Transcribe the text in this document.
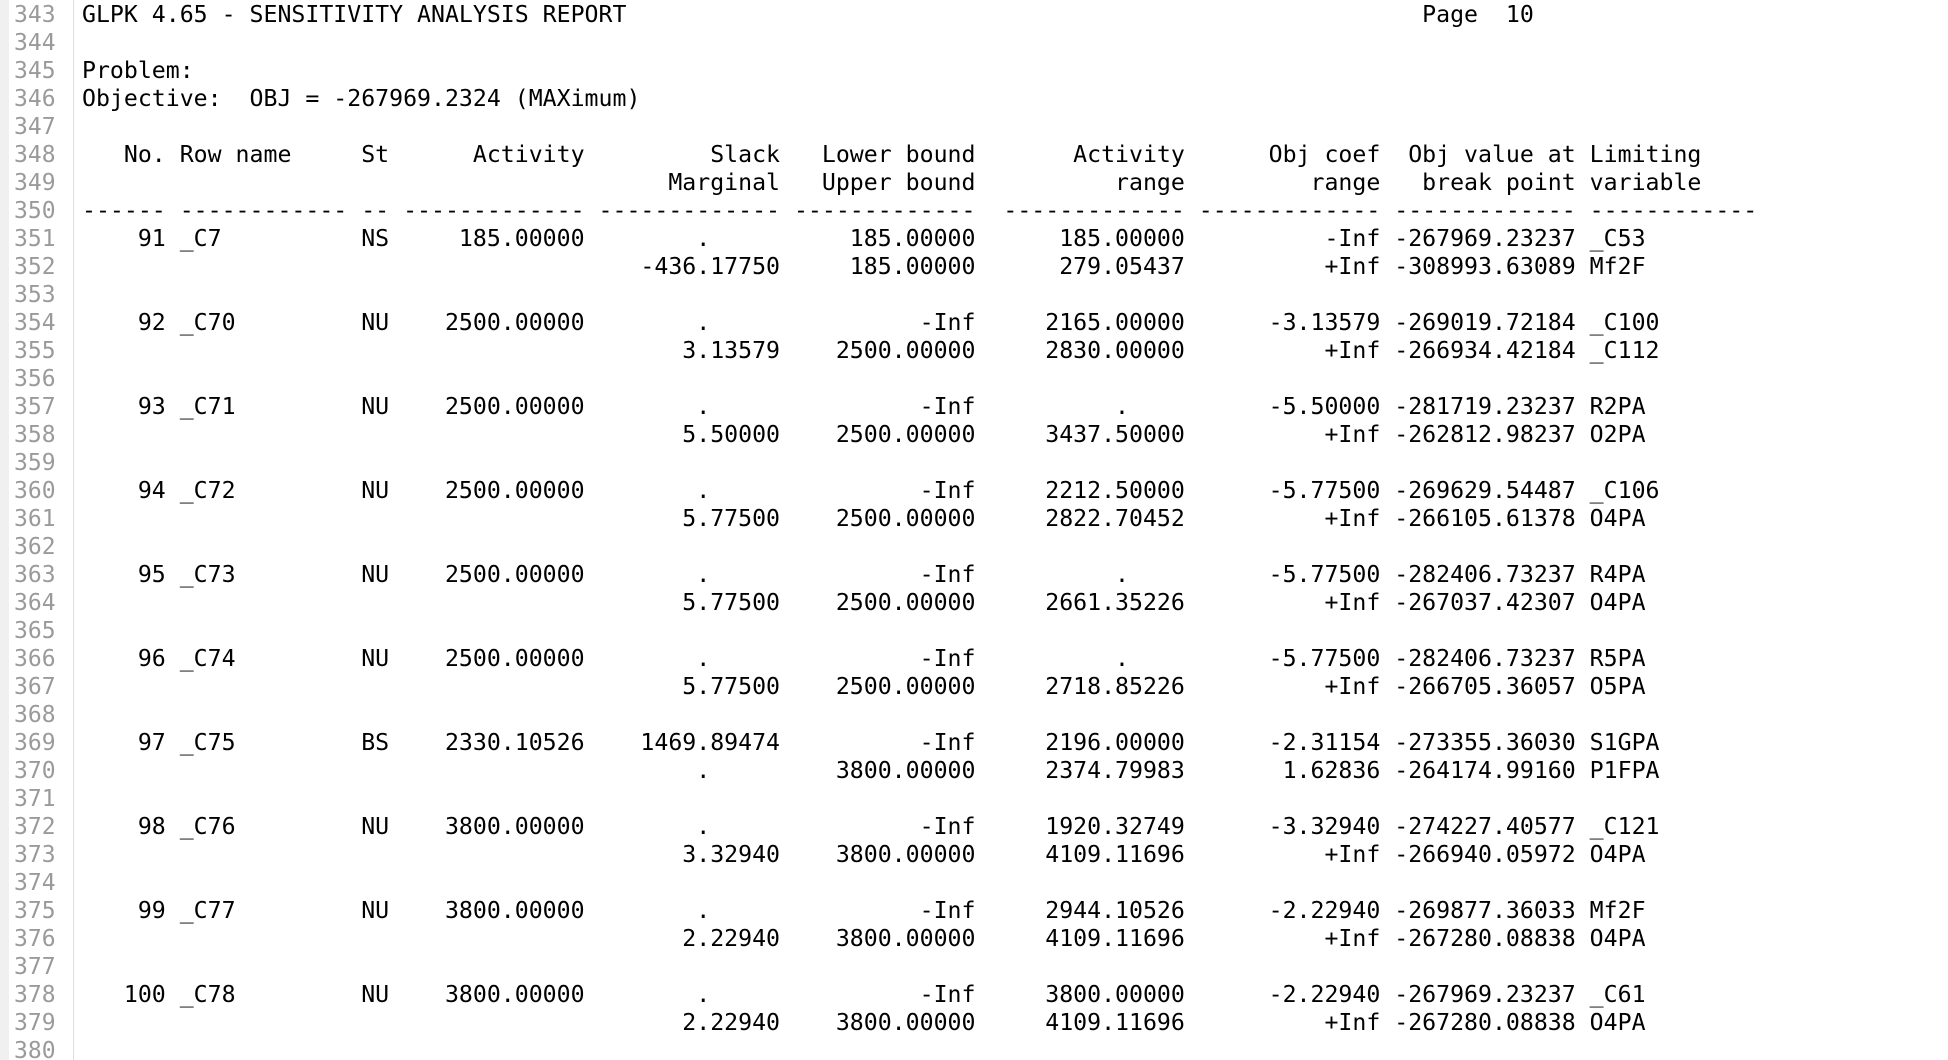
343 GLPK 4.65 - SENSITIVITY ANALYSIS REPORT                                                         Page  10
344
345 Problem:
346 Objective:  OBJ = -267969.2324 (MAXimum)
347
348 No. Row name     St      Activity         Slack   Lower bound       Activity      Obj coef  Obj value at Limiting
349 Marginal   Upper bound          range         range   break point variable
350 ------ ------------ -- ------------- ------------- -------------  ------------- ------------- ------------- ------------
351 91 _C7          NS     185.00000        .          185.00000      185.00000          -Inf -267969.23237 _C53
352 -436.17750     185.00000      279.05437          +Inf -308993.63089 Mf2F
353
354 92 _C70         NU    2500.00000        .               -Inf     2165.00000      -3.13579 -269019.72184 _C100
355 3.13579    2500.00000     2830.00000          +Inf -266934.42184 _C112
356
357 93 _C71         NU    2500.00000        .               -Inf          .          -5.50000 -281719.23237 R2PA
358 5.50000    2500.00000     3437.50000          +Inf -262812.98237 O2PA
359
360 94 _C72         NU    2500.00000        .               -Inf     2212.50000      -5.77500 -269629.54487 _C106
361 5.77500    2500.00000     2822.70452          +Inf -266105.61378 O4PA
362
363 95 _C73         NU    2500.00000        .               -Inf          .          -5.77500 -282406.73237 R4PA
364 5.77500    2500.00000     2661.35226          +Inf -267037.42307 O4PA
365
366 96 _C74         NU    2500.00000        .               -Inf          .          -5.77500 -282406.73237 R5PA
367 5.77500    2500.00000     2718.85226          +Inf -266705.36057 O5PA
368
369 97 _C75         BS    2330.10526    1469.89474          -Inf     2196.00000      -2.31154 -273355.36030 S1GPA
370 .         3800.00000     2374.79983       1.62836 -264174.99160 P1FPA
371
372 98 _C76         NU    3800.00000        .               -Inf     1920.32749      -3.32940 -274227.40577 _C121
373 3.32940    3800.00000     4109.11696          +Inf -266940.05972 O4PA
374
375 99 _C77         NU    3800.00000        .               -Inf     2944.10526      -2.22940 -269877.36033 Mf2F
376 2.22940    3800.00000     4109.11696          +Inf -267280.08838 O4PA
377
378 100 _C78         NU    3800.00000        .               -Inf     3800.00000      -2.22940 -267969.23237 _C61
379 2.22940    3800.00000     4109.11696          +Inf -267280.08838 O4PA
380
